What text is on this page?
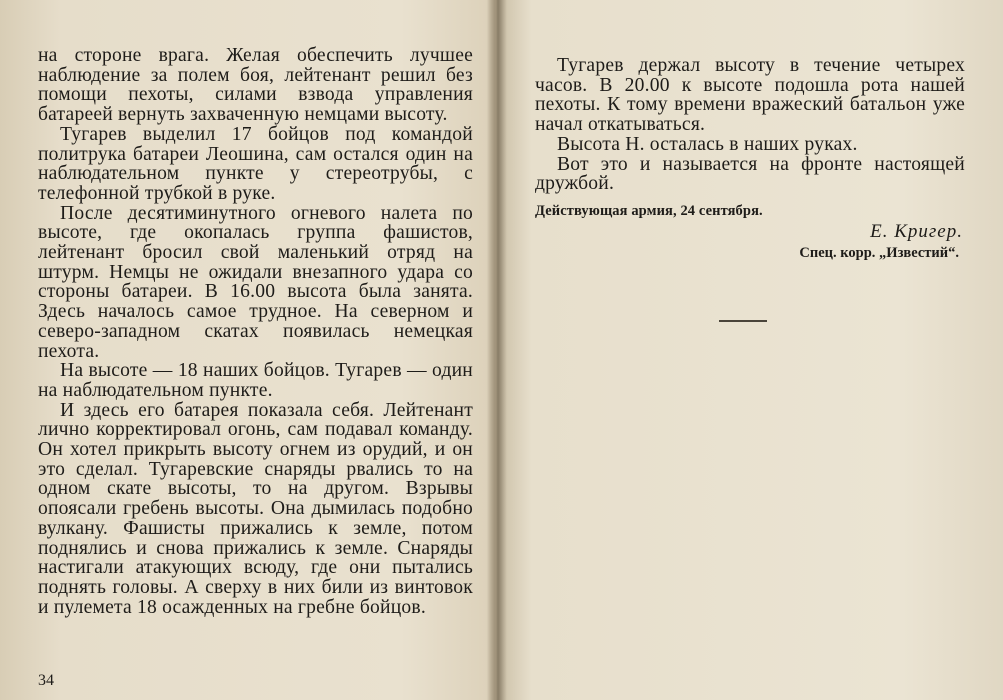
на стороне врага. Желая обеспечить лучшее наблюдение за полем боя, лейтенант решил без помощи пехоты, силами взвода управления батареей вернуть захваченную немцами высоту.

Тугарев выделил 17 бойцов под командой политрука батареи Леошина, сам остался один на наблюдательном пункте у стереотрубы, с телефонной трубкой в руке.

После десятиминутного огневого налета по высоте, где окопалась группа фашистов, лейтенант бросил свой маленький отряд на штурм. Немцы не ожидали внезапного удара со стороны батареи. В 16.00 высота была занята. Здесь началось самое трудное. На северном и северо-западном скатах появилась немецкая пехота.

На высоте — 18 наших бойцов. Тугарев — один на наблюдательном пункте.

И здесь его батарея показала себя. Лейтенант лично корректировал огонь, сам подавал команду. Он хотел прикрыть высоту огнем из орудий, и он это сделал. Тугаревские снаряды рвались то на одном скате высоты, то на другом. Взрывы опоясали гребень высоты. Она дымилась подобно вулкану. Фашисты прижались к земле, потом поднялись и снова прижались к земле. Снаряды настигали атакующих всюду, где они пытались поднять головы. А сверху в них били из винтовок и пулемета 18 осажденных на гребне бойцов.

34

Тугарев держал высоту в течение четырех часов. В 20.00 к высоте подошла рота нашей пехоты. К тому времени вражеский батальон уже начал откатываться.

Высота Н. осталась в наших руках.

Вот это и называется на фронте настоящей дружбой.

Действующая армия, 24 сентября.
Е. Кригер.
Спец. корр. „Известий“.
